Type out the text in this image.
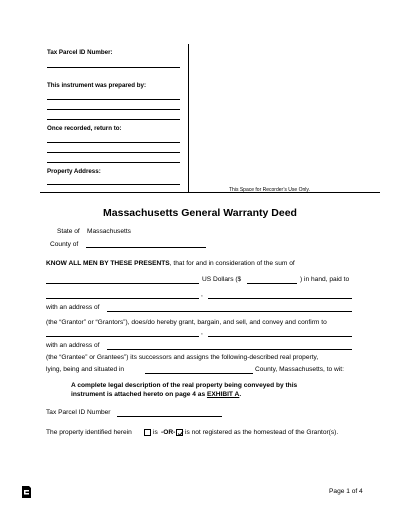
Tax Parcel ID Number:
This instrument was prepared by:
Once recorded, return to:
Property Address:
This Space for Recorder’s Use Only.
Massachusetts General Warranty Deed
State of Massachusetts
County of
KNOW ALL MEN BY THESE PRESENTS, that for and in consideration of the sum of
US Dollars ($	) in hand, paid to
,
with an address of
(the “Grantor” or “Grantors”), does/do hereby grant, bargain, and sell, and convey and confirm to
,
with an address of
(the “Grantee” or Grantees”) its successors and assigns the following-described real property,
lying, being and situated in	County, Massachusetts, to wit:
A complete legal description of the real property being conveyed by this
instrument is attached hereto on page 4 as EXHIBIT A.
Tax Parcel ID Number
The property identified herein	is -OR- is not registered as the homestead of the Grantor(s).
Page 1 of 4
